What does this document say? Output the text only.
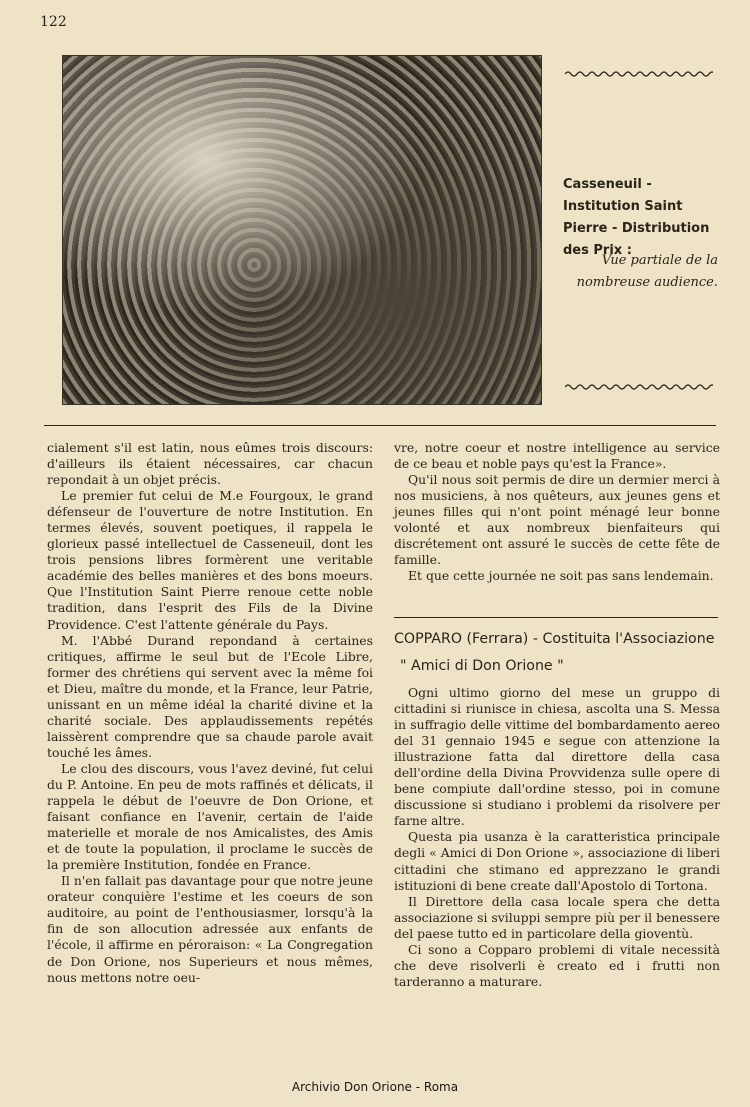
122
Casseneuil - Institution Saint Pierre - Distribution des Prix :
Vue partiale de la nombreuse audience.

cialement s'il est latin, nous eûmes trois discours: d'ailleurs ils étaient nécessaires, car chacun repondait à un objet précis.

Le premier fut celui de M.e Fourgoux, le grand défenseur de l'ouverture de notre Institution. En termes élevés, souvent poetiques, il rappela le glorieux passé intellectuel de Casseneuil, dont les trois pensions libres formèrent une veritable académie des belles manières et des bons moeurs. Que l'Institution Saint Pierre renoue cette noble tradition, dans l'esprit des Fils de la Divine Providence. C'est l'attente générale du Pays.

M. l'Abbé Durand repondand à certaines critiques, affirme le seul but de l'Ecole Libre, former des chrétiens qui servent avec la même foi et Dieu, maître du monde, et la France, leur Patrie, unissant en un même idéal la charité divine et la charité sociale. Des applaudissements repétés laissèrent comprendre que sa chaude parole avait touché les âmes.

Le clou des discours, vous l'avez deviné, fut celui du P. Antoine. En peu de mots raffinés et délicats, il rappela le début de l'oeuvre de Don Orione, et faisant confiance en l'avenir, certain de l'aide materielle et morale de nos Amicalistes, des Amis et de toute la population, il proclame le succès de la première Institution, fondée en France.

Il n'en fallait pas davantage pour que notre jeune orateur conquière l'estime et les coeurs de son auditoire, au point de l'enthousiasmer, lorsqu'à la fin de son allocution adressée aux enfants de l'école, il affirme en péroraison: « La Congregation de Don Orione, nos Superieurs et nous mêmes, nous mettons notre oeu-

vre, notre coeur et nostre intelligence au service de ce beau et noble pays qu'est la France».

Qu'il nous soit permis de dire un dermier merci à nos musiciens, à nos quêteurs, aux jeunes gens et jeunes filles qui n'ont point ménagé leur bonne volonté et aux nombreux bienfaiteurs qui discrétement ont assuré le succès de cette fête de famille.

Et que cette journée ne soit pas sans lendemain.

COPPARO (Ferrara) - Costituita l'Associazione
" Amici di Don Orione "

Ogni ultimo giorno del mese un gruppo di cittadini si riunisce in chiesa, ascolta una S. Messa in suffragio delle vittime del bombardamento aereo del 31 gennaio 1945 e segue con attenzione la illustrazione fatta dal direttore della casa dell'ordine della Divina Provvidenza sulle opere di bene compiute dall'ordine stesso, poi in comune discussione si studiano i problemi da risolvere per farne altre.

Questa pia usanza è la caratteristica principale degli « Amici di Don Orione », associazione di liberi cittadini che stimano ed apprezzano le grandi istituzioni di bene create dall'Apostolo di Tortona.

Il Direttore della casa locale spera che detta associazione si sviluppi sempre più per il benessere del paese tutto ed in particolare della gioventù.

Ci sono a Copparo problemi di vitale necessità che deve risolverli è creato ed i frutti non tarderanno a maturare.

Archivio Don Orione - Roma
